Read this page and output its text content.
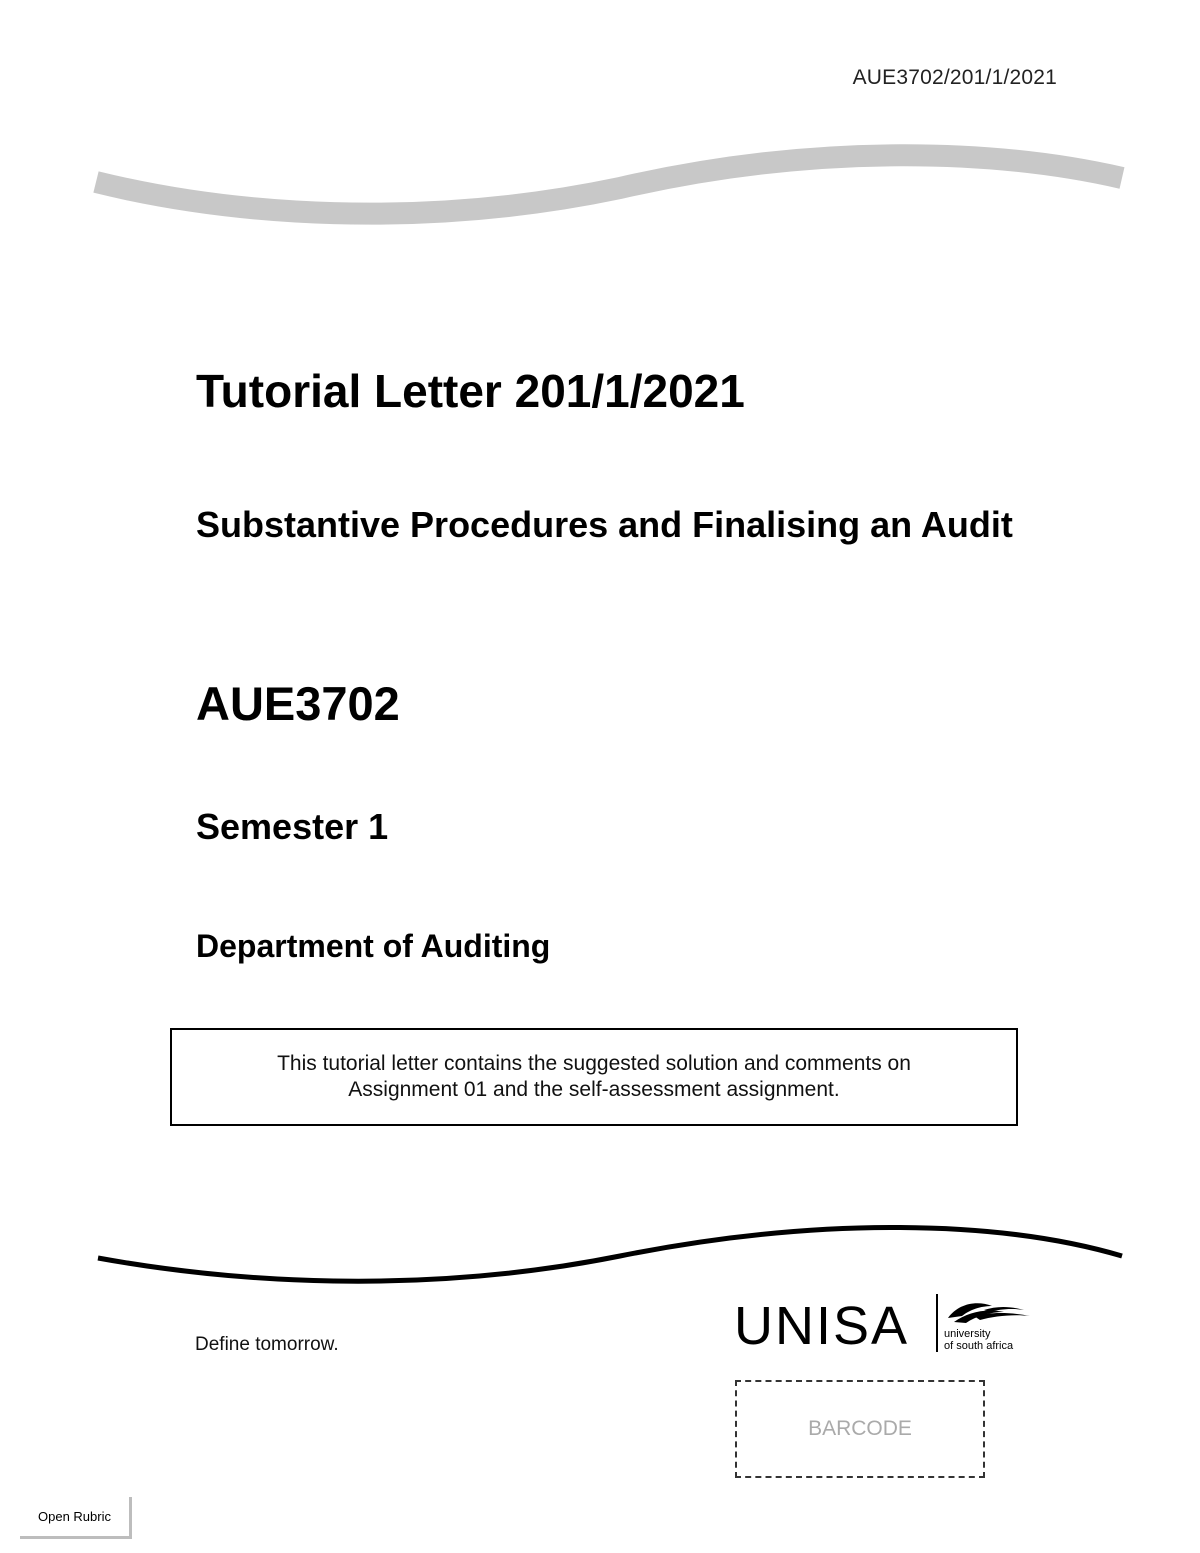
AUE3702/201/1/2021
Tutorial Letter 201/1/2021
Substantive Procedures and Finalising an Audit
AUE3702
Semester 1
Department of Auditing
This tutorial letter contains the suggested solution and comments on Assignment 01 and the self-assessment assignment.
Define tomorrow.	UNISA	university
of south africa
BARCODE
Open Rubric
